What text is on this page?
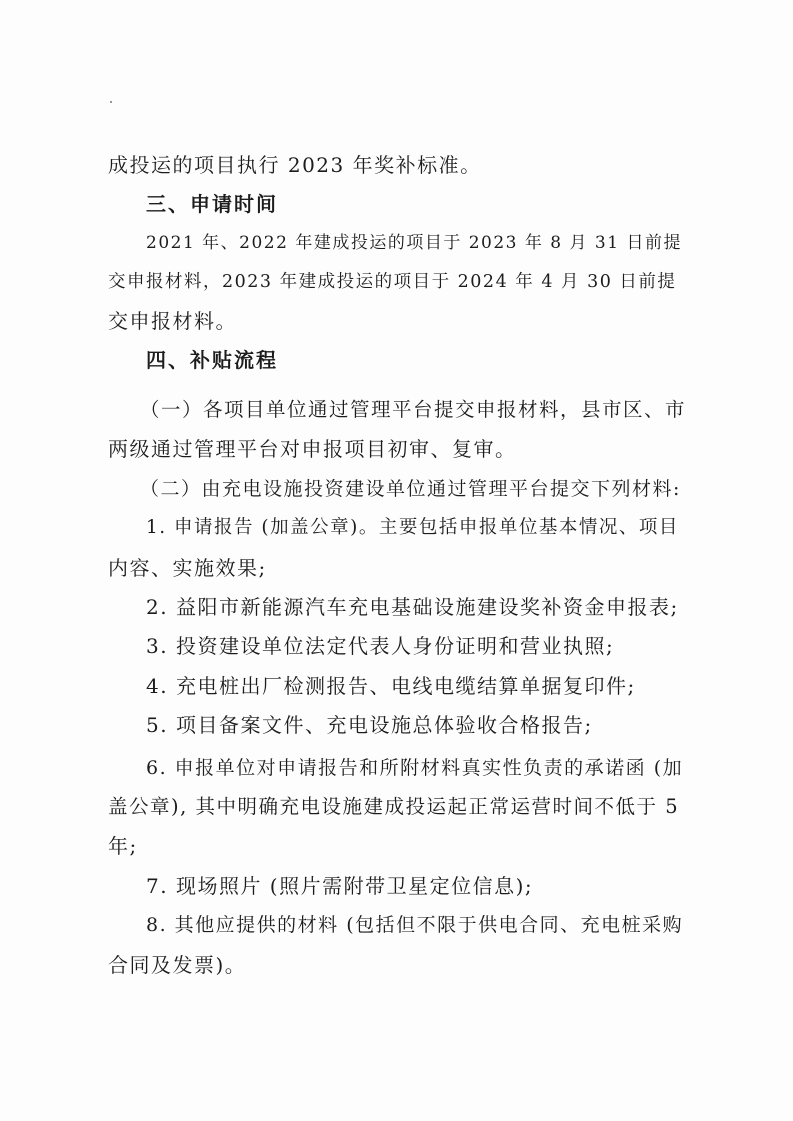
成投运的项目执行 2023 年奖补标准。
三、申请时间
2021 年、2022 年建成投运的项目于 2023 年 8 月 31 日前提
交申报材料，2023 年建成投运的项目于 2024 年 4 月 30 日前提
交申报材料。
四、补贴流程
（一）各项目单位通过管理平台提交申报材料，县市区、市
两级通过管理平台对申报项目初审、复审。
（二）由充电设施投资建设单位通过管理平台提交下列材料:
1. 申请报告 (加盖公章)。主要包括申报单位基本情况、项目
内容、实施效果;
2. 益阳市新能源汽车充电基础设施建设奖补资金申报表;
3. 投资建设单位法定代表人身份证明和营业执照;
4. 充电桩出厂检测报告、电线电缆结算单据复印件;
5. 项目备案文件、充电设施总体验收合格报告;
6. 申报单位对申请报告和所附材料真实性负责的承诺函 (加
盖公章), 其中明确充电设施建成投运起正常运营时间不低于 5
年;
7. 现场照片 (照片需附带卫星定位信息);
8. 其他应提供的材料 (包括但不限于供电合同、充电桩采购
合同及发票)。
